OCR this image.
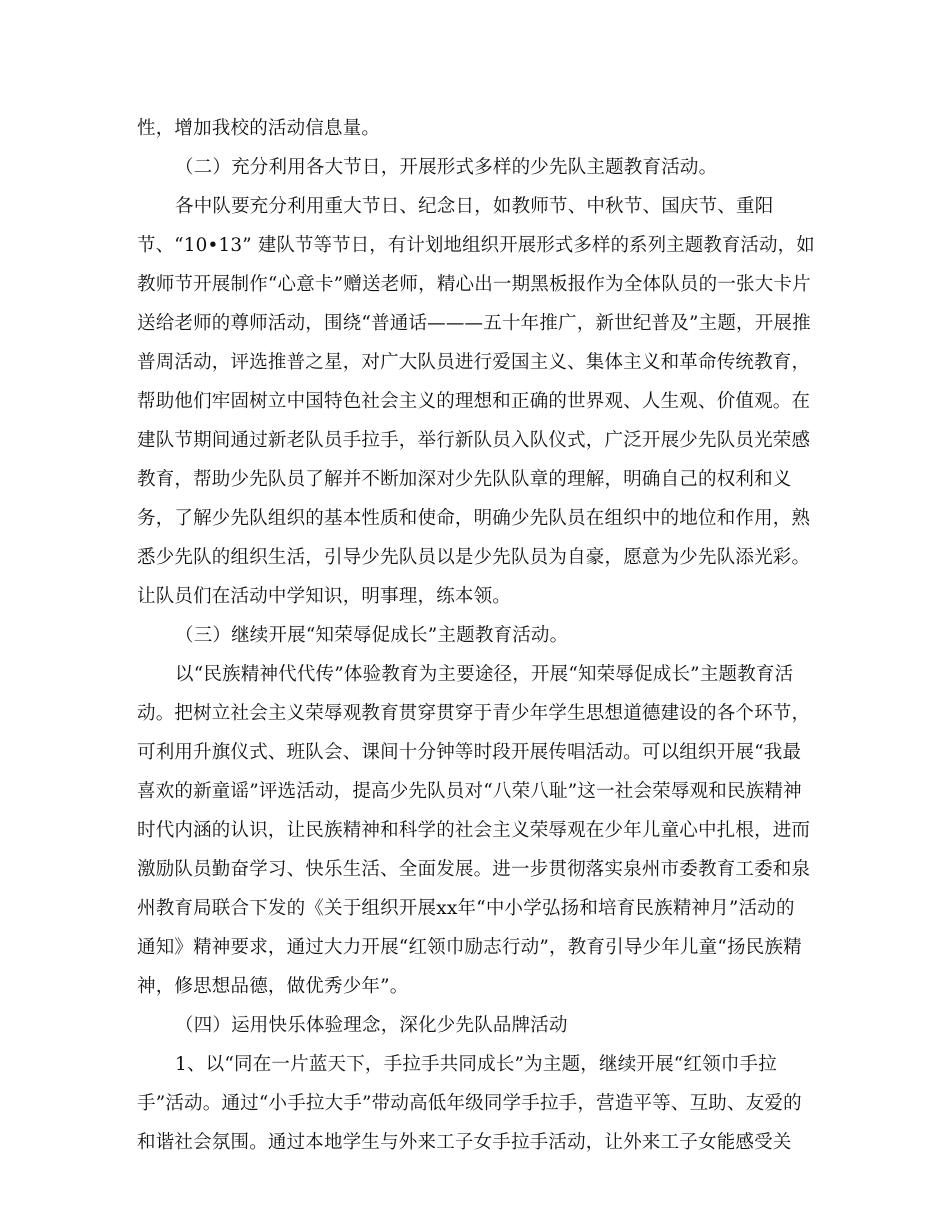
性，增加我校的活动信息量。
（二）充分利用各大节日，开展形式多样的少先队主题教育活动。
各中队要充分利用重大节日、纪念日，如教师节、中秋节、国庆节、重阳
节、“10•13” 建队节等节日，有计划地组织开展形式多样的系列主题教育活动，如
教师节开展制作“心意卡”赠送老师，精心出一期黑板报作为全体队员的一张大卡片
送给老师的尊师活动，围绕“普通话———五十年推广，新世纪普及”主题，开展推
普周活动，评选推普之星，对广大队员进行爱国主义、集体主义和革命传统教育，
帮助他们牢固树立中国特色社会主义的理想和正确的世界观、人生观、价值观。在
建队节期间通过新老队员手拉手，举行新队员入队仪式，广泛开展少先队员光荣感
教育，帮助少先队员了解并不断加深对少先队队章的理解，明确自己的权利和义
务，了解少先队组织的基本性质和使命，明确少先队员在组织中的地位和作用，熟
悉少先队的组织生活，引导少先队员以是少先队员为自豪，愿意为少先队添光彩。
让队员们在活动中学知识，明事理，练本领。
（三）继续开展“知荣辱促成长”主题教育活动。
以“民族精神代代传”体验教育为主要途径，开展“知荣辱促成长”主题教育活
动。把树立社会主义荣辱观教育贯穿贯穿于青少年学生思想道德建设的各个环节，
可利用升旗仪式、班队会、课间十分钟等时段开展传唱活动。可以组织开展“我最
喜欢的新童谣”评选活动，提高少先队员对“八荣八耻”这一社会荣辱观和民族精神
时代内涵的认识，让民族精神和科学的社会主义荣辱观在少年儿童心中扎根，进而
激励队员勤奋学习、快乐生活、全面发展。进一步贯彻落实泉州市委教育工委和泉
州教育局联合下发的《关于组织开展xx年“中小学弘扬和培育民族精神月”活动的
通知》精神要求，通过大力开展“红领巾励志行动”，教育引导少年儿童“扬民族精
神，修思想品德，做优秀少年”。
（四）运用快乐体验理念，深化少先队品牌活动
1、以“同在一片蓝天下，手拉手共同成长”为主题，继续开展“红领巾手拉
手”活动。通过“小手拉大手”带动高低年级同学手拉手，营造平等、互助、友爱的
和谐社会氛围。通过本地学生与外来工子女手拉手活动，让外来工子女能感受关
